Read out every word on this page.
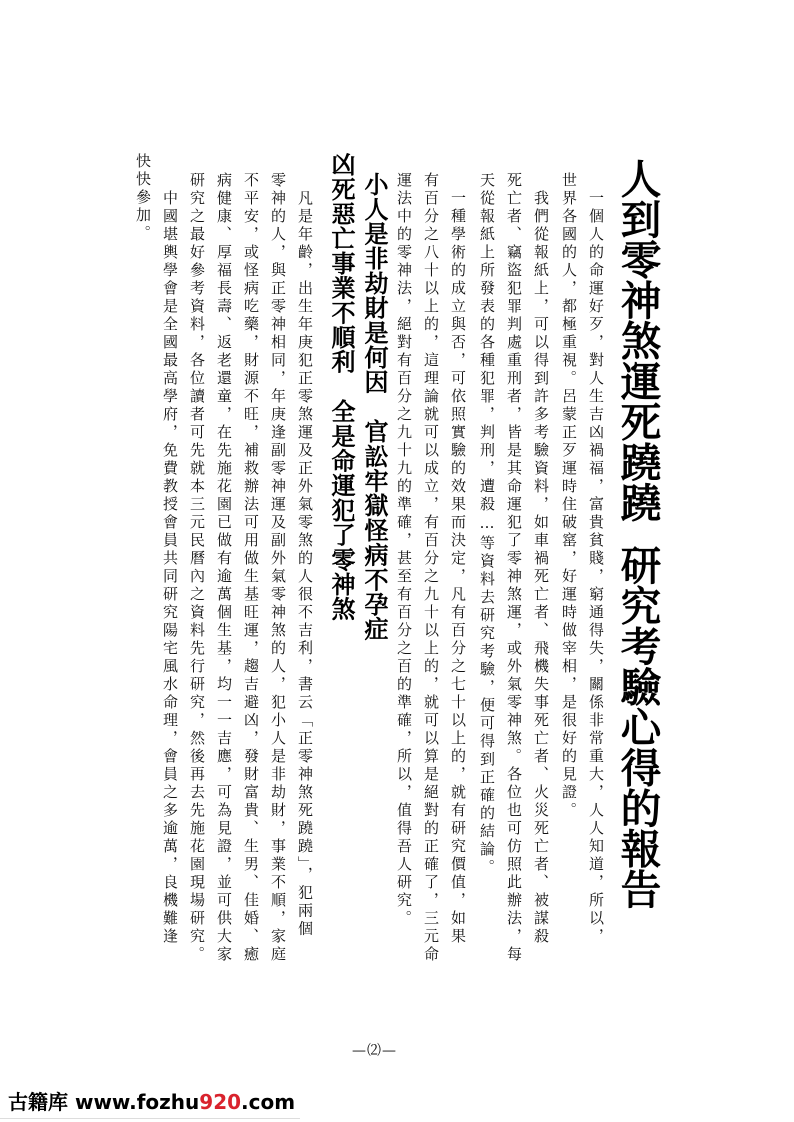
人到零神煞運死蹺蹺研究考驗心得的報告
一個人的命運好歹，對人生吉凶禍福，富貴貧賤，窮通得失，關係非常重大，人人知道，所以，
世界各國的人，都極重視。呂蒙正歹運時住破窰，好運時做宰相，是很好的見證。
我們從報紙上，可以得到許多考驗資料，如車禍死亡者、飛機失事死亡者、火災死亡者、被謀殺
死亡者、竊盜犯罪判處重刑者，皆是其命運犯了零神煞運，或外氣零神煞。各位也可仿照此辦法，每
天從報紙上所發表的各種犯罪，判刑，遭殺…等資料去研究考驗，便可得到正確的結論。
一種學術的成立與否，可依照實驗的效果而決定，凡有百分之七十以上的，就有研究價值，如果
有百分之八十以上的，這理論就可以成立，有百分之九十以上的，就可以算是絕對的正確了，三元命
運法中的零神法，絕對有百分之九十九的準確，甚至有百分之百的準確，所以，值得吾人研究。
小人是非劫財是何因　官訟牢獄怪病不孕症
凶死惡亡事業不順利　全是命運犯了零神煞
凡是年齡，出生年庚犯正零煞運及正外氣零煞的人很不吉利，書云「正零神煞死蹺蹺」，犯兩個
零神的人，與正零神相同，年庚逢副零神運及副外氣零神煞的人，犯小人是非劫財，事業不順，家庭
不平安，或怪病吃藥，財源不旺，補救辦法可用做生基旺運，趨吉避凶，發財富貴、生男、佳婚、癒
病健康、厚福長壽、返老還童，在先施花園已做有逾萬個生基，均一一吉應，可為見證，並可供大家
研究之最好參考資料，各位讀者可先就本三元民曆內之資料先行研究，然後再去先施花園現場研究。
中國堪輿學會是全國最高學府，免費教授會員共同研究陽宅風水命理，會員之多逾萬，良機難逢
快快參加。
—⑵—
古籍库 www.fozhu920.com
